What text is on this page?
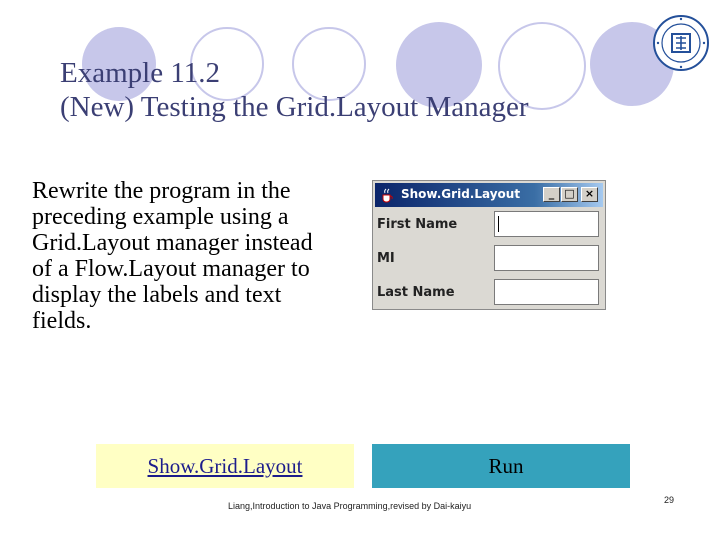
Example 11.2
(New) Testing the Grid.Layout Manager
Rewrite the program in the preceding example using a Grid.Layout manager instead of a Flow.Layout manager to display the labels and text fields.
Show.Grid.Layout	_ □ ×
First Name
MI
Last Name
Show.Grid.Layout	Run
Liang,Introduction to Java Programming,revised by Dai-kaiyu
29
